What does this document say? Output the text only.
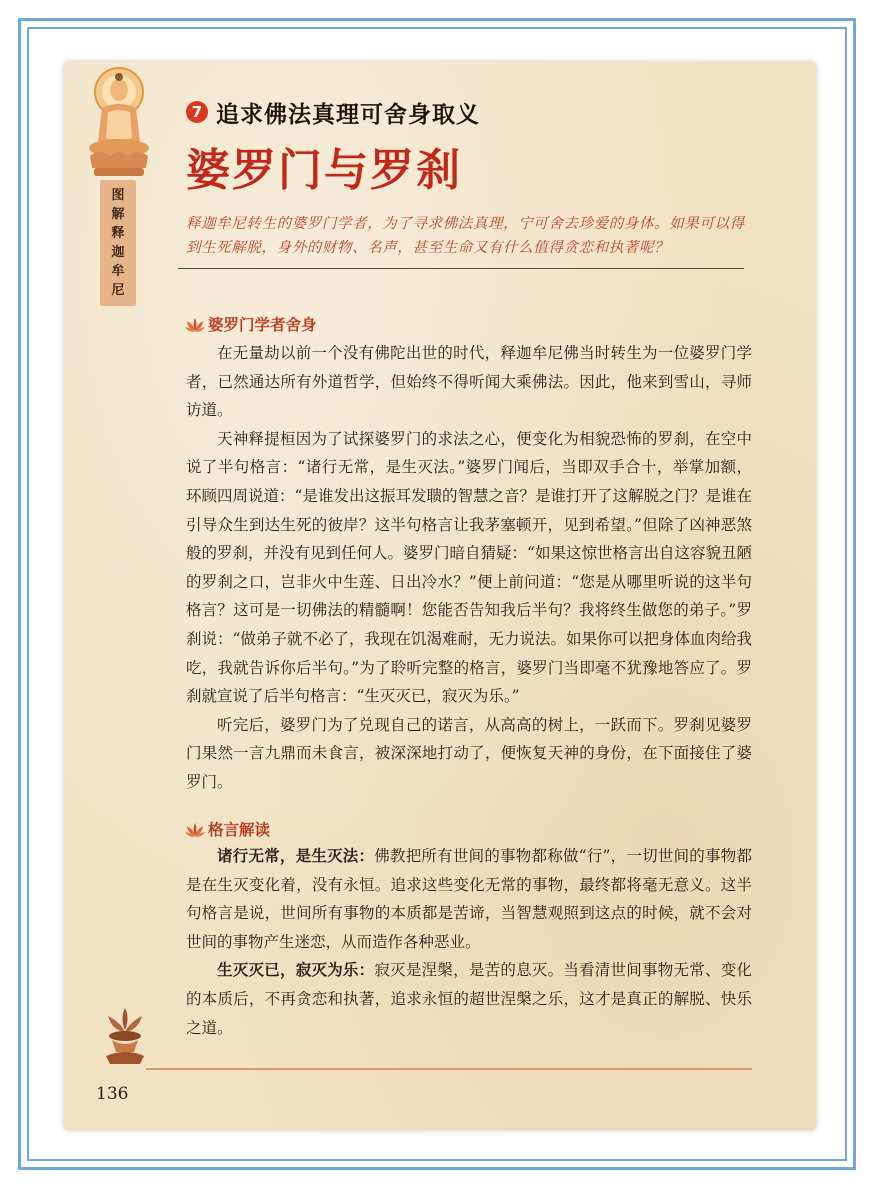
图
解
释
迦
牟
尼
7 追求佛法真理可舍身取义
婆罗门与罗刹
释迦牟尼转生的婆罗门学者，为了寻求佛法真理，宁可舍去珍爱的身体。如果可以得到生死解脱，身外的财物、名声，甚至生命又有什么值得贪恋和执著呢？
婆罗门学者舍身

在无量劫以前一个没有佛陀出世的时代，释迦牟尼佛当时转生为一位婆罗门学者，已然通达所有外道哲学，但始终不得听闻大乘佛法。因此，他来到雪山，寻师访道。

天神释提桓因为了试探婆罗门的求法之心，便变化为相貌恐怖的罗刹，在空中说了半句格言：“诸行无常，是生灭法。”婆罗门闻后，当即双手合十，举掌加额，环顾四周说道：“是谁发出这振耳发聩的智慧之音？是谁打开了这解脱之门？是谁在引导众生到达生死的彼岸？这半句格言让我茅塞顿开，见到希望。”但除了凶神恶煞般的罗刹，并没有见到任何人。婆罗门暗自猜疑：“如果这惊世格言出自这容貌丑陋的罗刹之口，岂非火中生莲、日出冷水？”便上前问道：“您是从哪里听说的这半句格言？这可是一切佛法的精髓啊！您能否告知我后半句？我将终生做您的弟子。”罗刹说：“做弟子就不必了，我现在饥渴难耐，无力说法。如果你可以把身体血肉给我吃，我就告诉你后半句。”为了聆听完整的格言，婆罗门当即毫不犹豫地答应了。罗刹就宣说了后半句格言：“生灭灭已，寂灭为乐。”

听完后，婆罗门为了兑现自己的诺言，从高高的树上，一跃而下。罗刹见婆罗门果然一言九鼎而未食言，被深深地打动了，便恢复天神的身份，在下面接住了婆罗门。

格言解读

诸行无常，是生灭法：佛教把所有世间的事物都称做“行”，一切世间的事物都是在生灭变化着，没有永恒。追求这些变化无常的事物，最终都将毫无意义。这半句格言是说，世间所有事物的本质都是苦谛，当智慧观照到这点的时候，就不会对世间的事物产生迷恋，从而造作各种恶业。

生灭灭已，寂灭为乐：寂灭是涅槃，是苦的息灭。当看清世间事物无常、变化的本质后，不再贪恋和执著，追求永恒的超世涅槃之乐，这才是真正的解脱、快乐之道。

136
